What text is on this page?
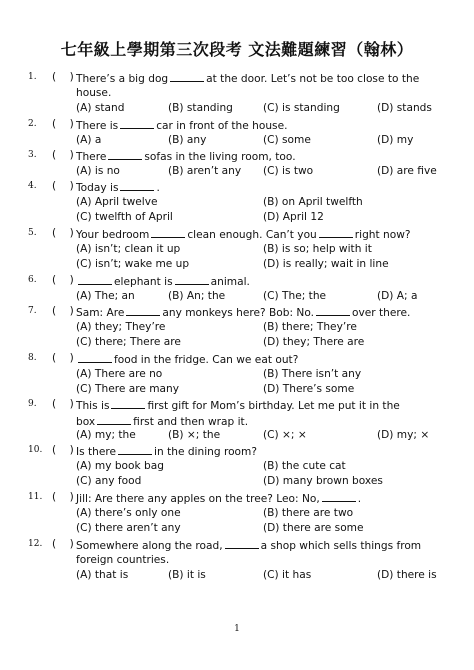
七年級上學期第三次段考 文法難題練習（翰林）
1. ( ) There’s a big dog	at the door. Let’s not be too close to the
house.
(A) stand	(B) standing	(C) is standing	(D) stands
2. ( ) There is	car in front of the house.
(A) a	(B) any	(C) some	(D) my
3. ( ) There	sofas in the living room, too.
(A) is no	(B) aren’t any (C) is two	(D) are five
4. ( ) Today is	.
(A) April twelve	(B) on April twelfth
(C) twelfth of April	(D) April 12
5. ( ) Your bedroom	clean enough. Can’t you	right now?
(A) isn’t; clean it up	(B) is so; help with it
(C) isn’t; wake me up	(D) is really; wait in line
6. ( )	elephant is	animal.
(A) The; an	(B) An; the	(C) The; the	(D) A; a
7. ( ) Sam: Are	any monkeys here? Bob: No.	over there.
(A) they; They’re	(B) there; They’re
(C) there; There are	(D) they; There are
8. ( )	food in the fridge. Can we eat out?
(A) There are no	(B) There isn’t any
(C) There are many	(D) There’s some
9. ( ) This is	first gift for Mom’s birthday. Let me put it in the
box	first and then wrap it.
(A) my; the	(B) ×; the	(C) ×; ×	(D) my; ×
10. ( ) Is there	in the dining room?
(A) my book bag	(B) the cute cat
(C) any food	(D) many brown boxes
11. ( ) Jill: Are there any apples on the tree? Leo: No,	.
(A) there’s only one	(B) there are two
(C) there aren’t any	(D) there are some
12. ( ) Somewhere along the road,	a shop which sells things from
foreign countries.
(A) that is	(B) it is	(C) it has	(D) there is
1
